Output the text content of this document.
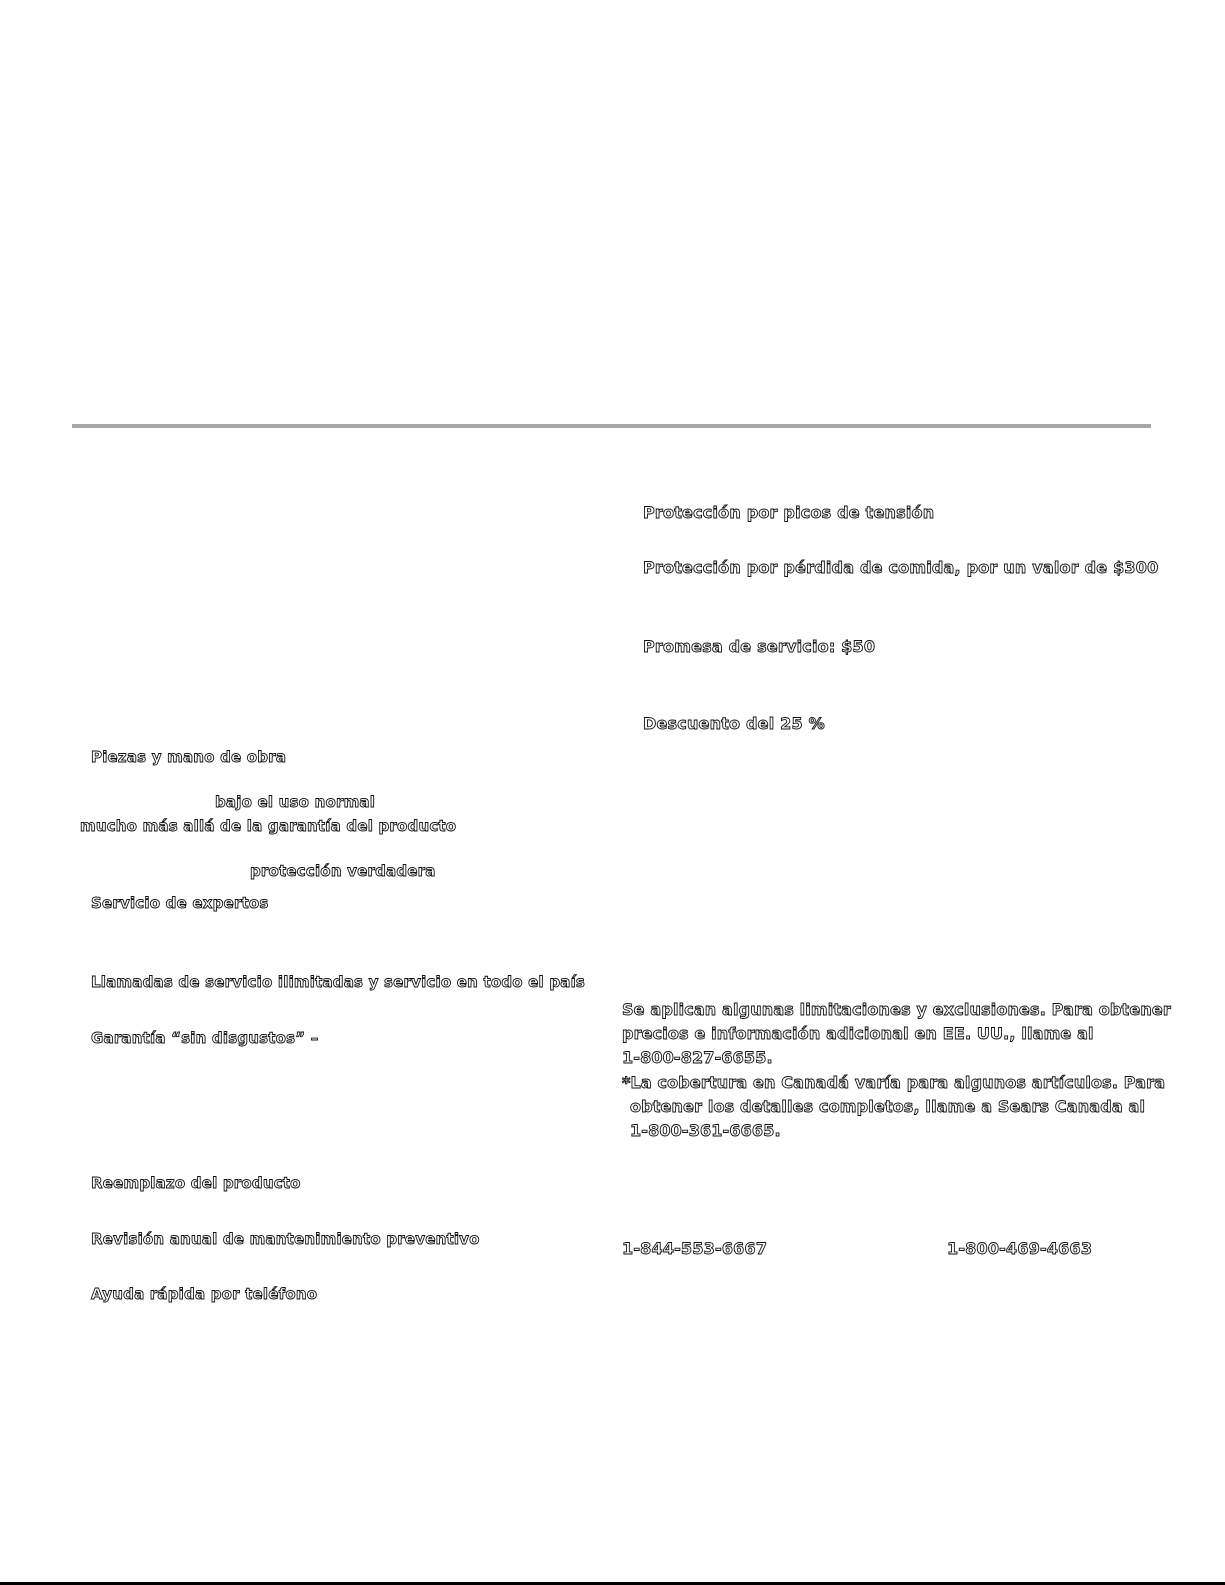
Protección por picos de tensión
Protección por pérdida de comida, por un valor de $300
Promesa de servicio: $50
Descuento del 25 %
Piezas y mano de obra
bajo el uso normal
mucho más allá de la garantía del producto
protección verdadera
Servicio de expertos
Llamadas de servicio ilimitadas y servicio en todo el país
Garantía “sin disgustos” –
Se aplican algunas limitaciones y exclusiones. Para obtener
precios e información adicional en EE. UU., llame al
1-800-827-6655.
*La cobertura en Canadá varía para algunos artículos. Para
obtener los detalles completos, llame a Sears Canada al
1-800-361-6665.
Reemplazo del producto
Revisión anual de mantenimiento preventivo	1-844-553-6667	1-800-469-4663
Ayuda rápida por teléfono
